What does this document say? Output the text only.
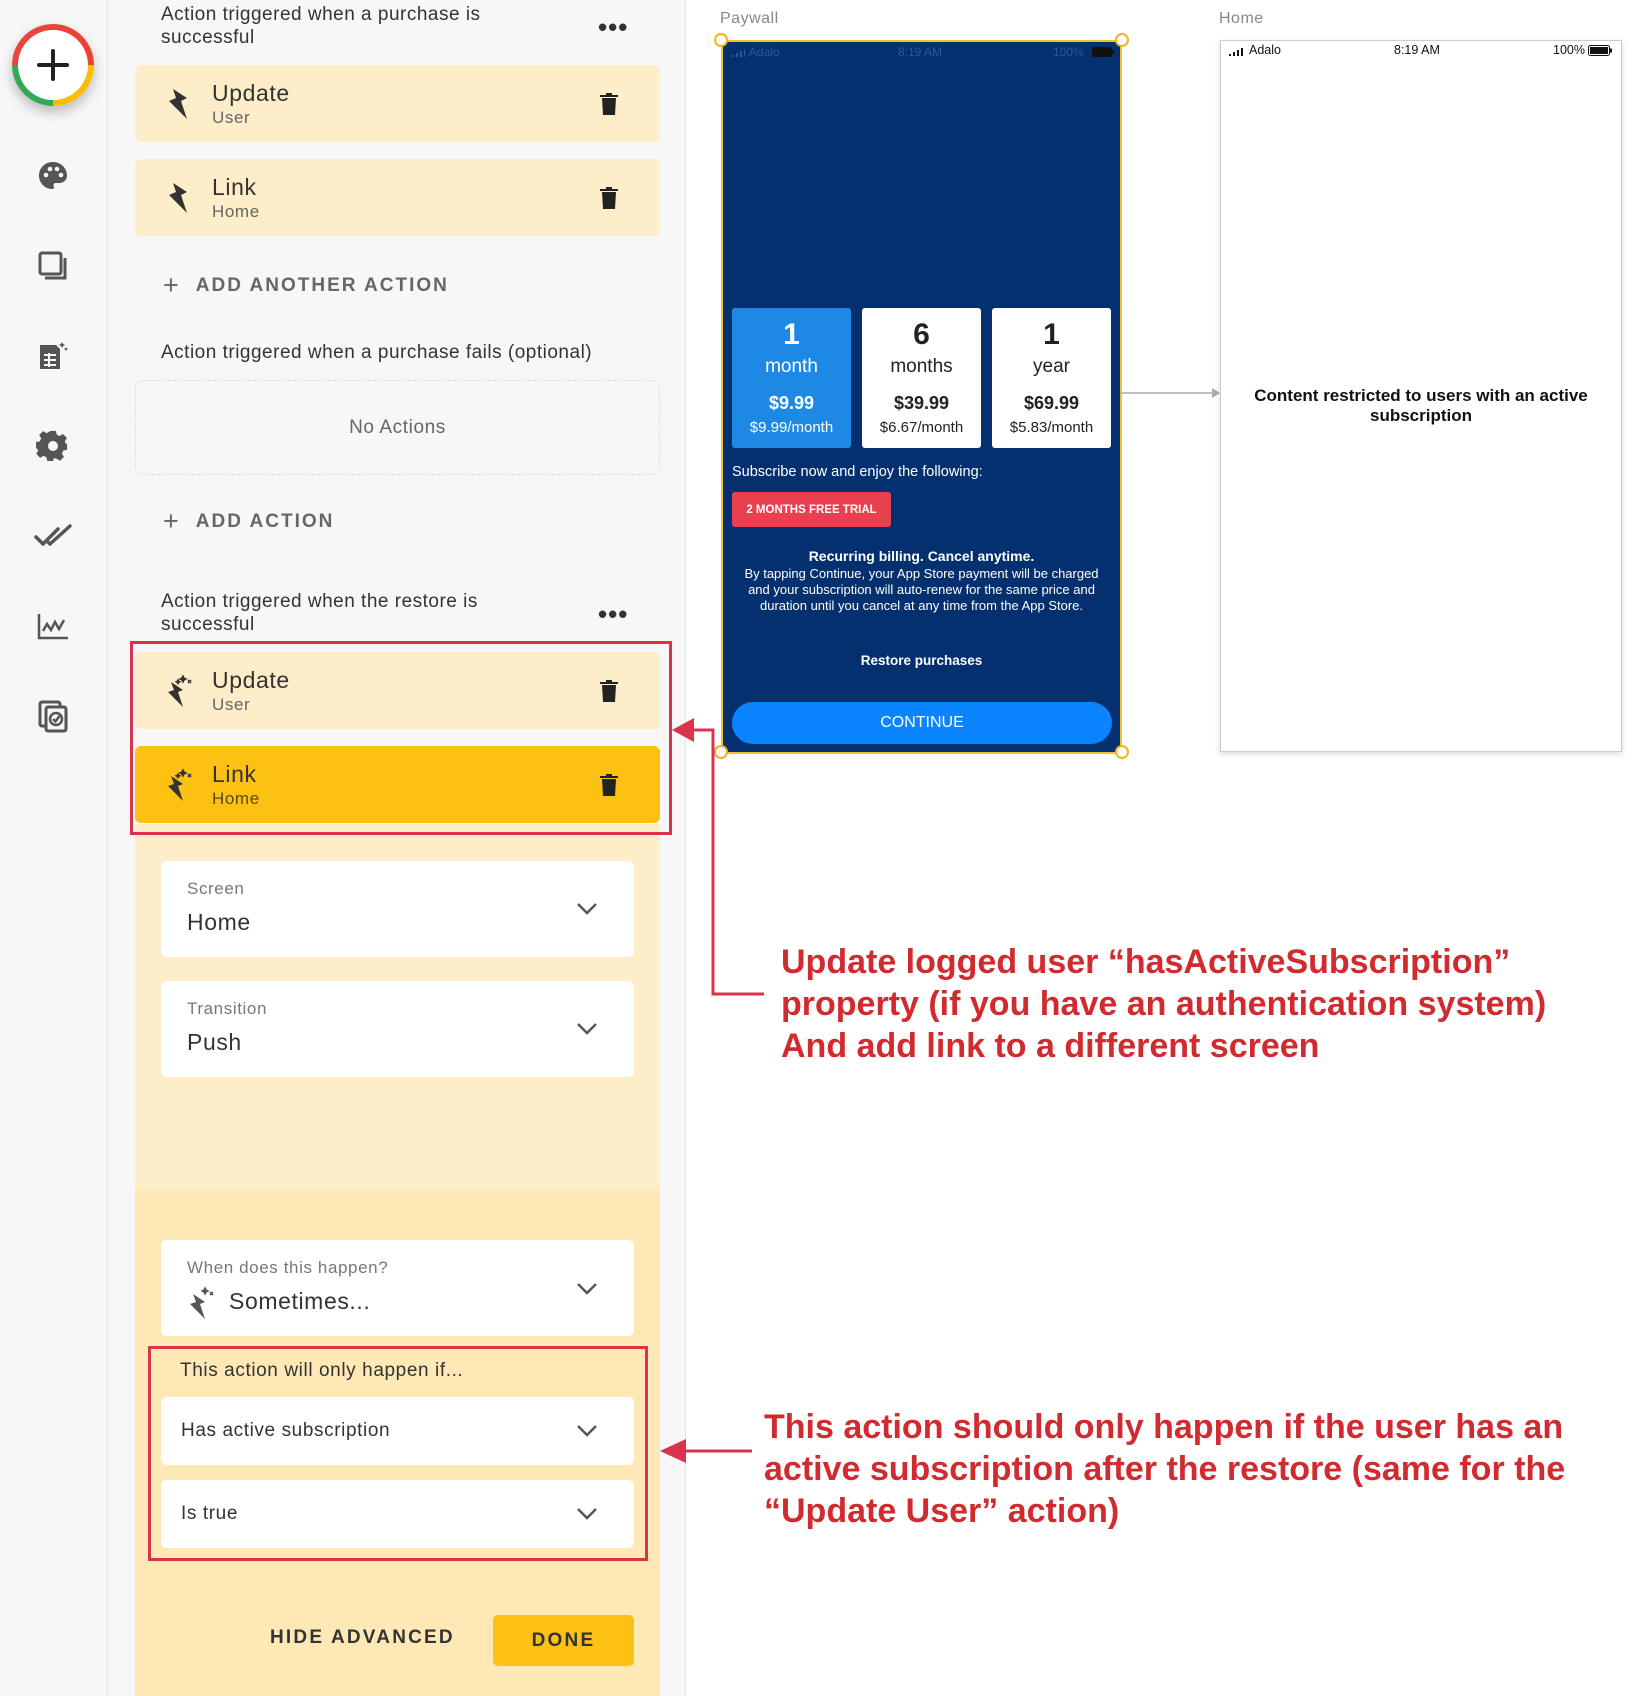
Action triggered when a purchase is successful	•••
Update
User
Link
Home
+ ADD ANOTHER ACTION
Action triggered when a purchase fails (optional)
No Actions
+ ADD ACTION
Action triggered when the restore is successful	•••
Update
User
Link
Home
Screen
Home
Transition
Push
When does this happen?
Sometimes...
This action will only happen if...
Has active subscription
Is true
HIDE ADVANCED	DONE
Paywall
Adalo	8:19 AM	100%
1
month
$9.99
$9.99/month
6
months
$39.99
$6.67/month
1
year
$69.99
$5.83/month
Subscribe now and enjoy the following:
2 MONTHS FREE TRIAL
Recurring billing. Cancel anytime.
By tapping Continue, your App Store payment will be charged and your subscription will auto-renew for the same price and duration until you cancel at any time from the App Store.
Restore purchases
CONTINUE
Home
Adalo	8:19 AM	100%
Content restricted to users with an active subscription
Update logged user “hasActiveSubscription”
property (if you have an authentication system)
And add link to a different screen
This action should only happen if the user has an
active subscription after the restore (same for the
“Update User” action)
